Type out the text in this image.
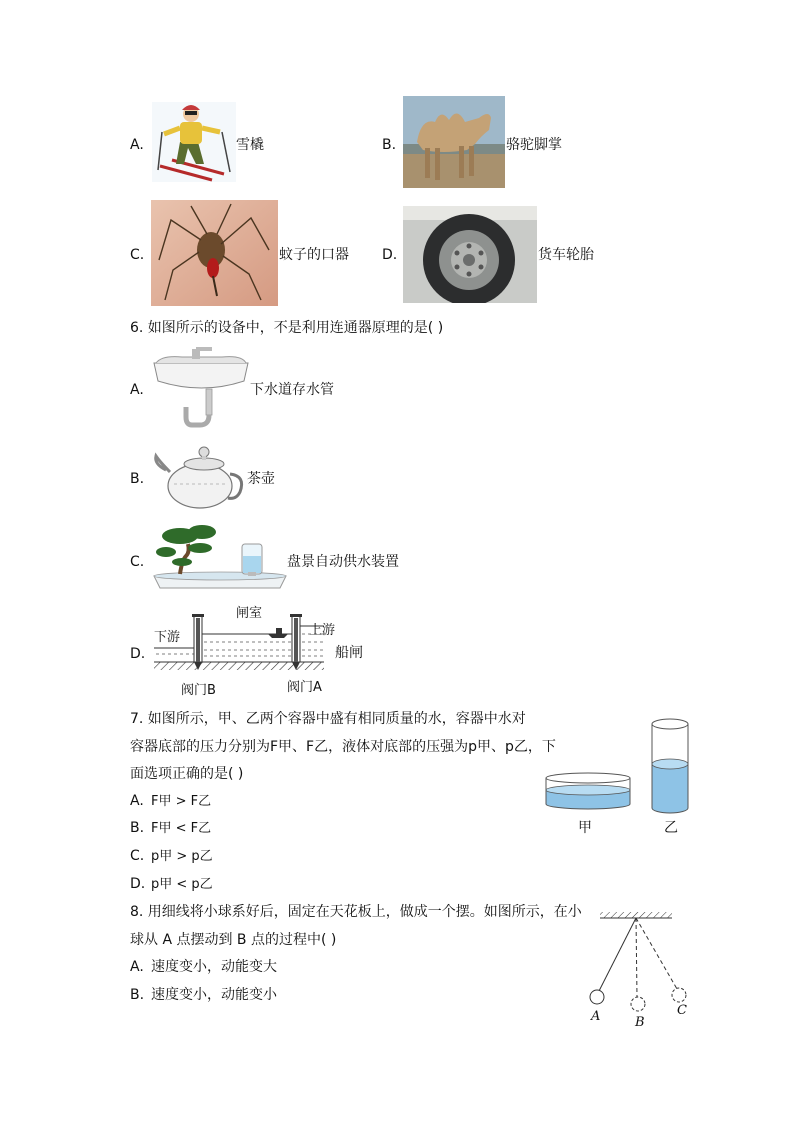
A.	雪橇	B.	骆驼脚掌
C.	蚊子的口器 D.	货车轮胎
6. 如图所示的设备中，不是利用连通器原理的是( )
A.	下水道存水管
B.	茶壶
C.	盘景自动供水装置
D.
闸室
下游	上游
船闸
阀门B	阀门A
7. 如图所示，甲、乙两个容器中盛有相同质量的水，容器中水对
容器底部的压力分别为F甲、F乙，液体对底部的压强为p甲、p乙，下
面选项正确的是( )
A. F甲 > F乙
B. F甲 < F乙
C. p甲 > p乙
D. p甲 < p乙
甲	乙
8. 用细线将小球系好后，固定在天花板上，做成一个摆。如图所示，在小
球从 A 点摆动到 B 点的过程中( )
A. 速度变小，动能变大
B. 速度变小，动能变小
A	B
C
